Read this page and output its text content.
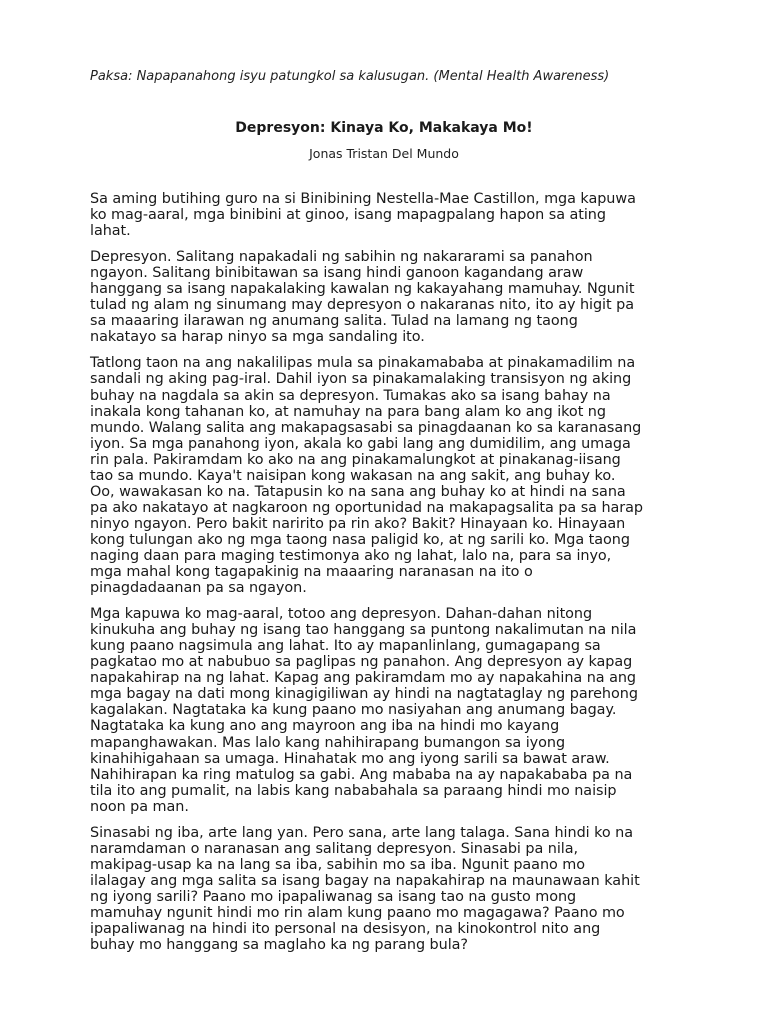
Paksa: Napapanahong isyu patungkol sa kalusugan. (Mental Health Awareness)
Depresyon: Kinaya Ko, Makakaya Mo!
Jonas Tristan Del Mundo

Sa aming butihing guro na si Binibining Nestella-Mae Castillon, mga kapuwa
ko mag-aaral, mga binibini at ginoo, isang mapagpalang hapon sa ating
lahat.

Depresyon. Salitang napakadali ng sabihin ng nakararami sa panahon
ngayon. Salitang binibitawan sa isang hindi ganoon kagandang araw
hanggang sa isang napakalaking kawalan ng kakayahang mamuhay. Ngunit
tulad ng alam ng sinumang may depresyon o nakaranas nito, ito ay higit pa
sa maaaring ilarawan ng anumang salita. Tulad na lamang ng taong
nakatayo sa harap ninyo sa mga sandaling ito.

Tatlong taon na ang nakalilipas mula sa pinakamababa at pinakamadilim na
sandali ng aking pag-iral. Dahil iyon sa pinakamalaking transisyon ng aking
buhay na nagdala sa akin sa depresyon. Tumakas ako sa isang bahay na
inakala kong tahanan ko, at namuhay na para bang alam ko ang ikot ng
mundo. Walang salita ang makapagsasabi sa pinagdaanan ko sa karanasang
iyon. Sa mga panahong iyon, akala ko gabi lang ang dumidilim, ang umaga
rin pala. Pakiramdam ko ako na ang pinakamalungkot at pinakanag-iisang
tao sa mundo. Kaya't naisipan kong wakasan na ang sakit, ang buhay ko.
Oo, wawakasan ko na. Tatapusin ko na sana ang buhay ko at hindi na sana
pa ako nakatayo at nagkaroon ng oportunidad na makapagsalita pa sa harap
ninyo ngayon. Pero bakit naririto pa rin ako? Bakit? Hinayaan ko. Hinayaan
kong tulungan ako ng mga taong nasa paligid ko, at ng sarili ko. Mga taong
naging daan para maging testimonya ako ng lahat, lalo na, para sa inyo,
mga mahal kong tagapakinig na maaaring naranasan na ito o
pinagdadaanan pa sa ngayon.

Mga kapuwa ko mag-aaral, totoo ang depresyon. Dahan-dahan nitong
kinukuha ang buhay ng isang tao hanggang sa puntong nakalimutan na nila
kung paano nagsimula ang lahat. Ito ay mapanlinlang, gumagapang sa
pagkatao mo at nabubuo sa paglipas ng panahon. Ang depresyon ay kapag
napakahirap na ng lahat. Kapag ang pakiramdam mo ay napakahina na ang
mga bagay na dati mong kinagigiliwan ay hindi na nagtataglay ng parehong
kagalakan. Nagtataka ka kung paano mo nasiyahan ang anumang bagay.
Nagtataka ka kung ano ang mayroon ang iba na hindi mo kayang
mapanghawakan. Mas lalo kang nahihirapang bumangon sa iyong
kinahihigahaan sa umaga. Hinahatak mo ang iyong sarili sa bawat araw.
Nahihirapan ka ring matulog sa gabi. Ang mababa na ay napakababa pa na
tila ito ang pumalit, na labis kang nababahala sa paraang hindi mo naisip
noon pa man.

Sinasabi ng iba, arte lang yan. Pero sana, arte lang talaga. Sana hindi ko na
naramdaman o naranasan ang salitang depresyon. Sinasabi pa nila,
makipag-usap ka na lang sa iba, sabihin mo sa iba. Ngunit paano mo
ilalagay ang mga salita sa isang bagay na napakahirap na maunawaan kahit
ng iyong sarili? Paano mo ipapaliwanag sa isang tao na gusto mong
mamuhay ngunit hindi mo rin alam kung paano mo magagawa? Paano mo
ipapaliwanag na hindi ito personal na desisyon, na kinokontrol nito ang
buhay mo hanggang sa maglaho ka ng parang bula?
